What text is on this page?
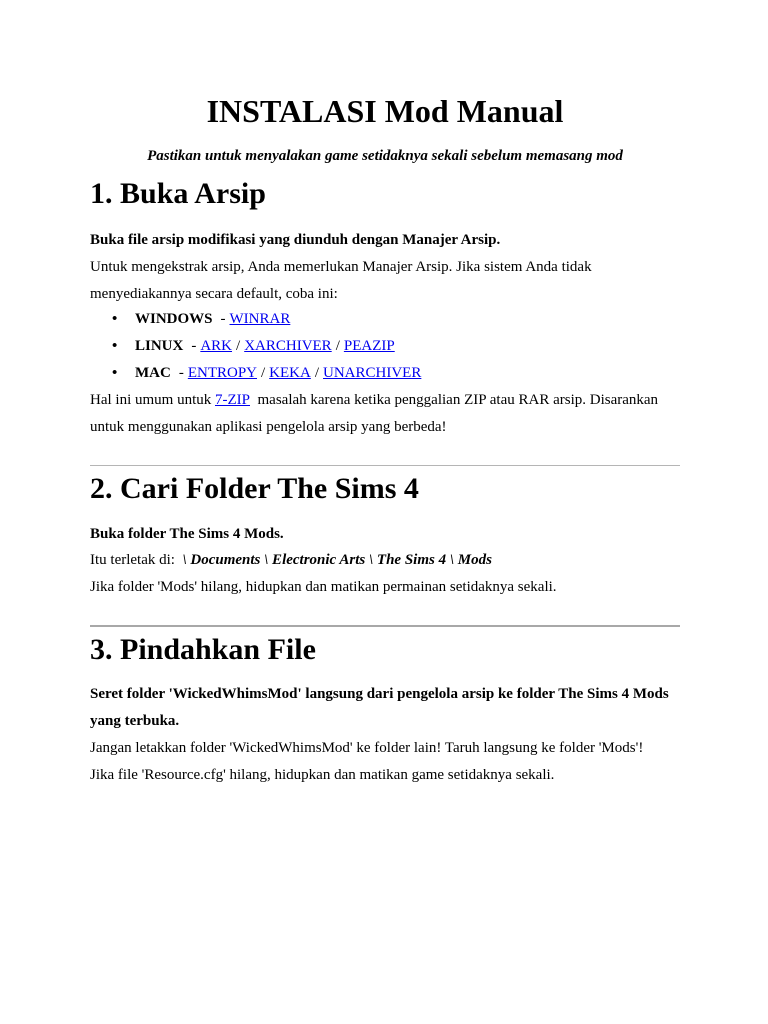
INSTALASI Mod Manual

Pastikan untuk menyalakan game setidaknya sekali sebelum memasang mod

1. Buka Arsip

Buka file arsip modifikasi yang diunduh dengan Manajer Arsip.

Untuk mengekstrak arsip, Anda memerlukan Manajer Arsip. Jika sistem Anda tidak

menyediakannya secara default, coba ini:

• WINDOWS - WINRAR
• LINUX - ARK / XARCHIVER / PEAZIP
• MAC - ENTROPY / KEKA / UNARCHIVER

Hal ini umum untuk 7-ZIP masalah karena ketika penggalian ZIP atau RAR arsip. Disarankan

untuk menggunakan aplikasi pengelola arsip yang berbeda!

2. Cari Folder The Sims 4

Buka folder The Sims 4 Mods.

Itu terletak di: \ Documents \ Electronic Arts \ The Sims 4 \ Mods

Jika folder 'Mods' hilang, hidupkan dan matikan permainan setidaknya sekali.

3. Pindahkan File

Seret folder 'WickedWhimsMod' langsung dari pengelola arsip ke folder The Sims 4 Mods

yang terbuka.

Jangan letakkan folder 'WickedWhimsMod' ke folder lain! Taruh langsung ke folder 'Mods'!

Jika file 'Resource.cfg' hilang, hidupkan dan matikan game setidaknya sekali.
